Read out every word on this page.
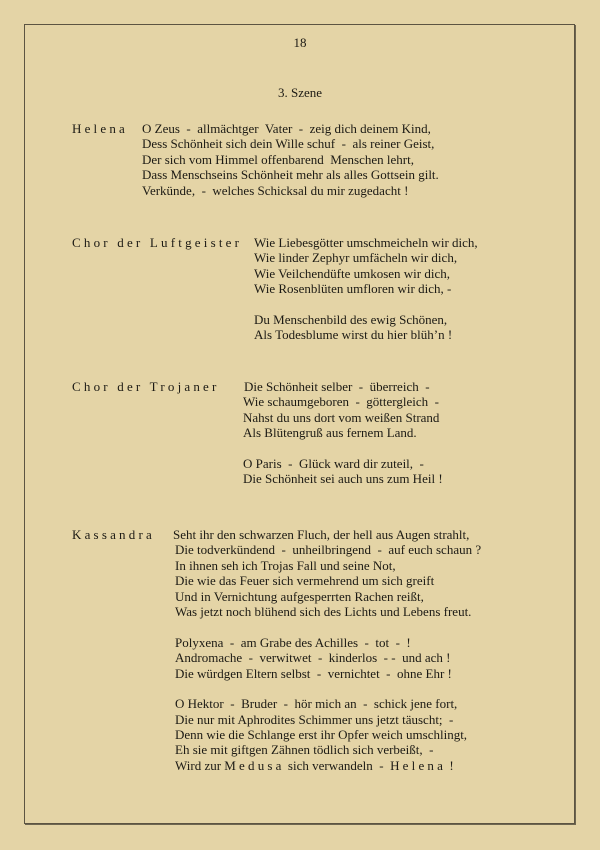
18
3. Szene
Helena O Zeus  -  allmächtger  Vater  -  zeig dich deinem Kind,
Dess Schönheit sich dein Wille schuf  -  als reiner Geist,
Der sich vom Himmel offenbarend  Menschen lehrt,
Dass Menschseins Schönheit mehr als alles Gottsein gilt.
Verkünde,  -  welches Schicksal du mir zugedacht !
Chor der Luftgeister Wie Liebesgötter umschmeicheln wir dich,
Wie linder Zephyr umfächeln wir dich,
Wie Veilchendüfte umkosen wir dich,
Wie Rosenblüten umfloren wir dich, -
Du Menschenbild des ewig Schönen,
Als Todesblume wirst du hier blüh’n !
Chor der Trojaner Die Schönheit selber  -  überreich  -
Wie schaumgeboren  -  göttergleich  -
Nahst du uns dort vom weißen Strand
Als Blütengruß aus fernem Land.
O Paris  -  Glück ward dir zuteil,  -
Die Schönheit sei auch uns zum Heil !
Kassandra Seht ihr den schwarzen Fluch, der hell aus Augen strahlt,
Die todverkündend  -  unheilbringend  -  auf euch schaun ?
In ihnen seh ich Trojas Fall und seine Not,
Die wie das Feuer sich vermehrend um sich greift
Und in Vernichtung aufgesperrten Rachen reißt,
Was jetzt noch blühend sich des Lichts und Lebens freut.
Polyxena  -  am Grabe des Achilles  -  tot  -  !
Andromache  -  verwitwet  -  kinderlos  - -  und ach !
Die würdgen Eltern selbst  -  vernichtet  -  ohne Ehr !
O Hektor  -  Bruder  -  hör mich an  -  schick jene fort,
Die nur mit Aphrodites Schimmer uns jetzt täuscht;  -
Denn wie die Schlange erst ihr Opfer weich umschlingt,
Eh sie mit giftgen Zähnen tödlich sich verbeißt,  -
Wird zur Medusa sich verwandeln  -  Helena !
